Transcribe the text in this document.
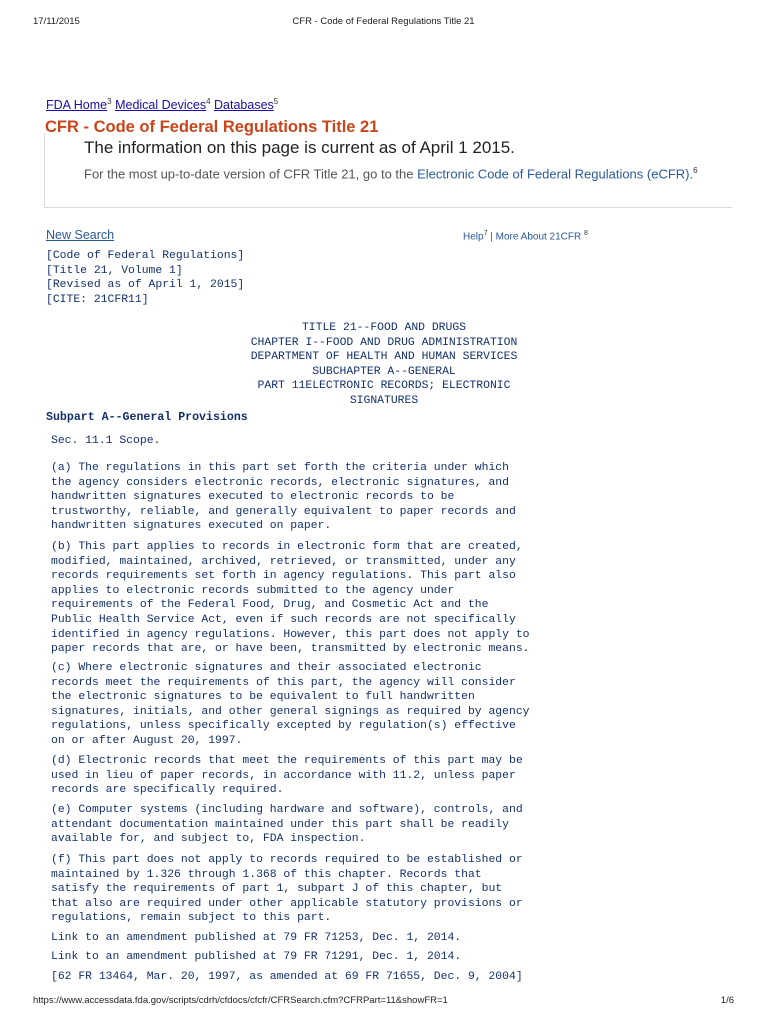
17/11/2015	CFR - Code of Federal Regulations Title 21
FDA Home$^3$ Medical Devices$^4$ Databases$^5$
CFR - Code of Federal Regulations Title 21
The information on this page is current as of April 1 2015.
For the most up-to-date version of CFR Title 21, go to the Electronic Code of Federal Regulations (eCFR).$^6$
New Search	Help$^7$ | More About 21CFR $^8$
[Code of Federal Regulations]
[Title 21, Volume 1]
[Revised as of April 1, 2015]
[CITE: 21CFR11]
TITLE 21--FOOD AND DRUGS
CHAPTER I--FOOD AND DRUG ADMINISTRATION
DEPARTMENT OF HEALTH AND HUMAN SERVICES
SUBCHAPTER A--GENERAL
PART 11ELECTRONIC RECORDS; ELECTRONIC
SIGNATURES
Subpart A--General Provisions
Sec. 11.1 Scope.
(a) The regulations in this part set forth the criteria under which
the agency considers electronic records, electronic signatures, and
handwritten signatures executed to electronic records to be
trustworthy, reliable, and generally equivalent to paper records and
handwritten signatures executed on paper.
(b) This part applies to records in electronic form that are created,
modified, maintained, archived, retrieved, or transmitted, under any
records requirements set forth in agency regulations. This part also
applies to electronic records submitted to the agency under
requirements of the Federal Food, Drug, and Cosmetic Act and the
Public Health Service Act, even if such records are not specifically
identified in agency regulations. However, this part does not apply to
paper records that are, or have been, transmitted by electronic means.
(c) Where electronic signatures and their associated electronic
records meet the requirements of this part, the agency will consider
the electronic signatures to be equivalent to full handwritten
signatures, initials, and other general signings as required by agency
regulations, unless specifically excepted by regulation(s) effective
on or after August 20, 1997.
(d) Electronic records that meet the requirements of this part may be
used in lieu of paper records, in accordance with 11.2, unless paper
records are specifically required.
(e) Computer systems (including hardware and software), controls, and
attendant documentation maintained under this part shall be readily
available for, and subject to, FDA inspection.
(f) This part does not apply to records required to be established or
maintained by 1.326 through 1.368 of this chapter. Records that
satisfy the requirements of part 1, subpart J of this chapter, but
that also are required under other applicable statutory provisions or
regulations, remain subject to this part.
Link to an amendment published at 79 FR 71253, Dec. 1, 2014.
Link to an amendment published at 79 FR 71291, Dec. 1, 2014.
[62 FR 13464, Mar. 20, 1997, as amended at 69 FR 71655, Dec. 9, 2004]
https://www.accessdata.fda.gov/scripts/cdrh/cfdocs/cfcfr/CFRSearch.cfm?CFRPart=11&showFR=1	1/6
